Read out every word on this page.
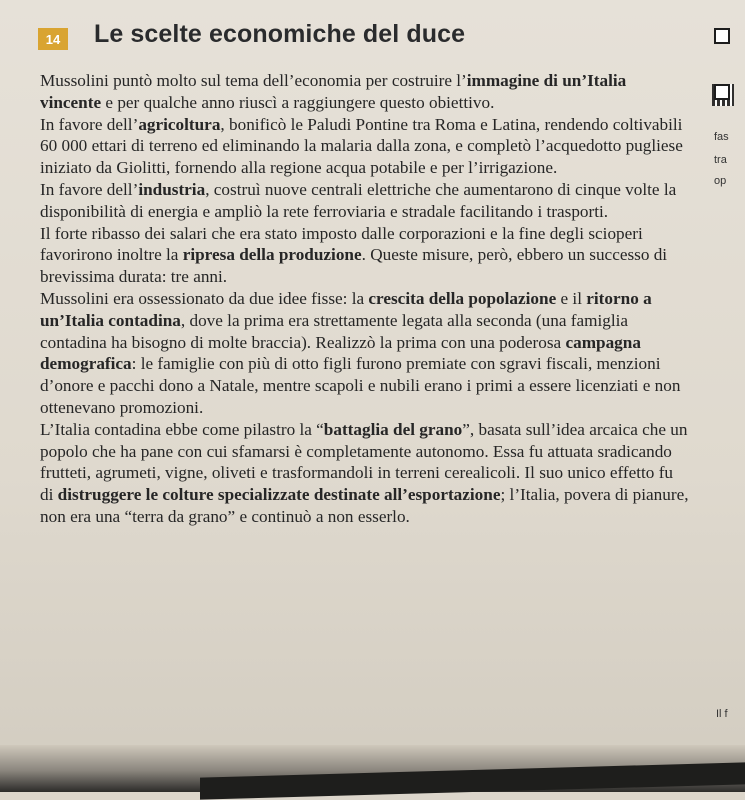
14 Le scelte economiche del duce

Mussolini puntò molto sul tema dell’economia per costruire l’immagine di un’Italia vincente e per qualche anno riuscì a raggiungere questo obiettivo.

In favore dell’agricoltura, bonificò le Paludi Pontine tra Roma e Latina, rendendo coltivabili 60 000 ettari di terreno ed eliminando la malaria dalla zona, e completò l’acquedotto pugliese iniziato da Giolitti, fornendo alla regione acqua potabile e per l’irrigazione.

In favore dell’industria, costruì nuove centrali elettriche che aumentarono di cinque volte la disponibilità di energia e ampliò la rete ferroviaria e stradale facilitando i trasporti.

Il forte ribasso dei salari che era stato imposto dalle corporazioni e la fine degli scioperi favorirono inoltre la ripresa della produzione. Queste misure, però, ebbero un successo di brevissima durata: tre anni.

Mussolini era ossessionato da due idee fisse: la crescita della popolazione e il ritorno a un’Italia contadina, dove la prima era strettamente legata alla seconda (una famiglia contadina ha bisogno di molte braccia). Realizzò la prima con una poderosa campagna demografica: le famiglie con più di otto figli furono premiate con sgravi fiscali, menzioni d’onore e pacchi dono a Natale, mentre scapoli e nubili erano i primi a essere licenziati e non ottenevano promozioni.

L’Italia contadina ebbe come pilastro la “battaglia del grano”, basata sull’idea arcaica che un popolo che ha pane con cui sfamarsi è completamente autonomo. Essa fu attuata sradicando frutteti, agrumeti, vigne, oliveti e trasformandoli in terreni cerealicoli. Il suo unico effetto fu di distruggere le colture specializzate destinate all’esportazione; l’Italia, povera di pianure, non era una “terra da grano” e continuò a non esserlo.

fas
tra
op
Il f
